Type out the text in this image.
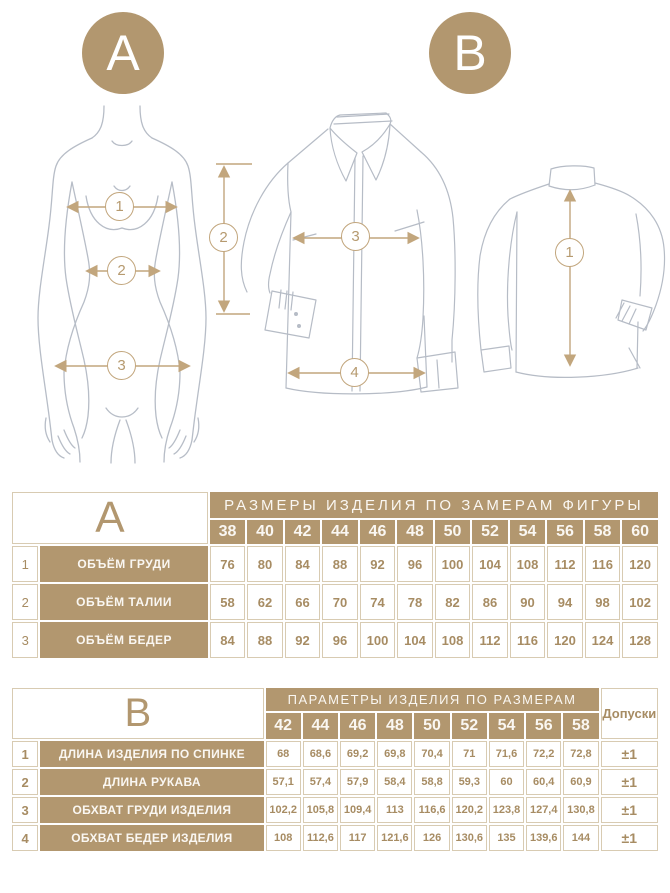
А	В
1
2
3
2	3
4
1
А		РАЗМЕРЫ ИЗДЕЛИЯ ПО ЗАМЕРАМ ФИГУРЫ											
		38	40	42	44	46	48	50	52	54	56	58	60
1	ОБЪЁМ ГРУДИ	76	80	84	88	92	96	100	104	108	112	116	120
2	ОБЪЁМ ТАЛИИ	58	62	66	70	74	78	82	86	90	94	98	102
3	ОБЪЁМ БЕДЕР	84	88	92	96	100	104	108	112	116	120	124	128
В		ПАРАМЕТРЫ ИЗДЕЛИЯ ПО РАЗМЕРАМ									Допуски
		42	44	46	48	50	52	54	56	58	
1	ДЛИНА ИЗДЕЛИЯ ПО СПИНКЕ	68	68,6	69,2	69,8	70,4	71	71,6	72,2	72,8	±1
2	ДЛИНА РУКАВА	57,1	57,4	57,9	58,4	58,8	59,3	60	60,4	60,9	±1
3	ОБХВАТ ГРУДИ ИЗДЕЛИЯ	102,2	105,8	109,4	113	116,6	120,2	123,8	127,4	130,8	±1
4	ОБХВАТ БЕДЕР ИЗДЕЛИЯ	108	112,6	117	121,6	126	130,6	135	139,6	144	±1
